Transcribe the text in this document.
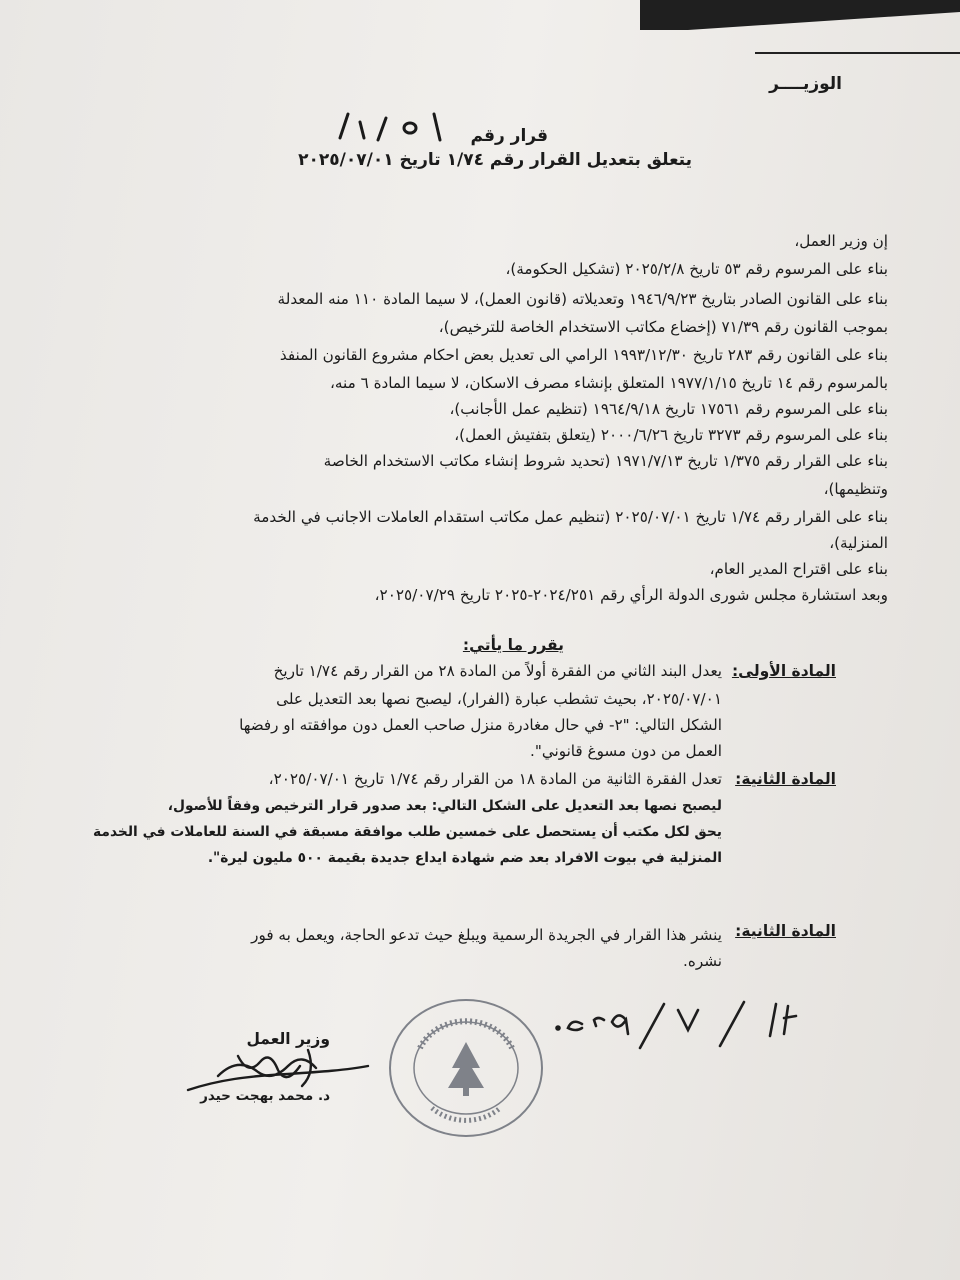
الوزيــــر
قرار رقم
يتعلق بتعديل القرار رقم ١/٧٤ تاريخ ٢٠٢٥/٠٧/٠١
إن وزير العمل،
بناء على المرسوم رقم ٥٣ تاريخ ٢٠٢٥/٢/٨ (تشكيل الحكومة)،
بناء على القانون الصادر بتاريخ ١٩٤٦/٩/٢٣ وتعديلاته (قانون العمل)، لا سيما المادة ١١٠ منه المعدلة
بموجب القانون رقم ٧١/٣٩ (إخضاع مكاتب الاستخدام الخاصة للترخيص)،
بناء على القانون رقم ٢٨٣ تاريخ ١٩٩٣/١٢/٣٠ الرامي الى تعديل بعض احكام مشروع القانون المنفذ
بالمرسوم رقم ١٤ تاريخ ١٩٧٧/١/١٥ المتعلق بإنشاء مصرف الاسكان، لا سيما المادة ٦ منه،
بناء على المرسوم رقم ١٧٥٦١ تاريخ ١٩٦٤/٩/١٨ (تنظيم عمل الأجانب)،
بناء على المرسوم رقم ٣٢٧٣ تاريخ ٢٠٠٠/٦/٢٦ (يتعلق بتفتيش العمل)،
بناء على القرار رقم ١/٣٧٥ تاريخ ١٩٧١/٧/١٣ (تحديد شروط إنشاء مكاتب الاستخدام الخاصة
وتنظيمها)،
بناء على القرار رقم ١/٧٤ تاريخ ٢٠٢٥/٠٧/٠١ (تنظيم عمل مكاتب استقدام العاملات الاجانب في الخدمة
المنزلية)،
بناء على اقتراح المدير العام،
وبعد استشارة مجلس شورى الدولة الرأي رقم ٢٠٢٤/٢٥١-٢٠٢٥ تاريخ ٢٠٢٥/٠٧/٢٩،
يقرر ما يأتي:
المادة الأولى:
يعدل البند الثاني من الفقرة أولاً من المادة ٢٨ من القرار رقم ١/٧٤ تاريخ
٢٠٢٥/٠٧/٠١، بحيث تشطب عبارة (الفرار)، ليصبح نصها بعد التعديل على
الشكل التالي: "٢- في حال مغادرة منزل صاحب العمل دون موافقته او رفضها
العمل من دون مسوغ قانوني".
المادة الثانية:
تعدل الفقرة الثانية من المادة ١٨ من القرار رقم ١/٧٤ تاريخ ٢٠٢٥/٠٧/٠١،
ليصبح نصها بعد التعديل على الشكل التالي: بعد صدور قرار الترخيص وفقاً للأصول،
يحق لكل مكتب أن يستحصل على خمسين طلب موافقة مسبقة في السنة للعاملات في الخدمة
المنزلية في بيوت الافراد بعد ضم شهادة ايداع جديدة بقيمة ٥٠٠ مليون ليرة".
المادة الثانية:
ينشر هذا القرار في الجريدة الرسمية ويبلغ حيث تدعو الحاجة، ويعمل به فور
نشره.
وزير العمل
د. محمد بهجت حيدر
